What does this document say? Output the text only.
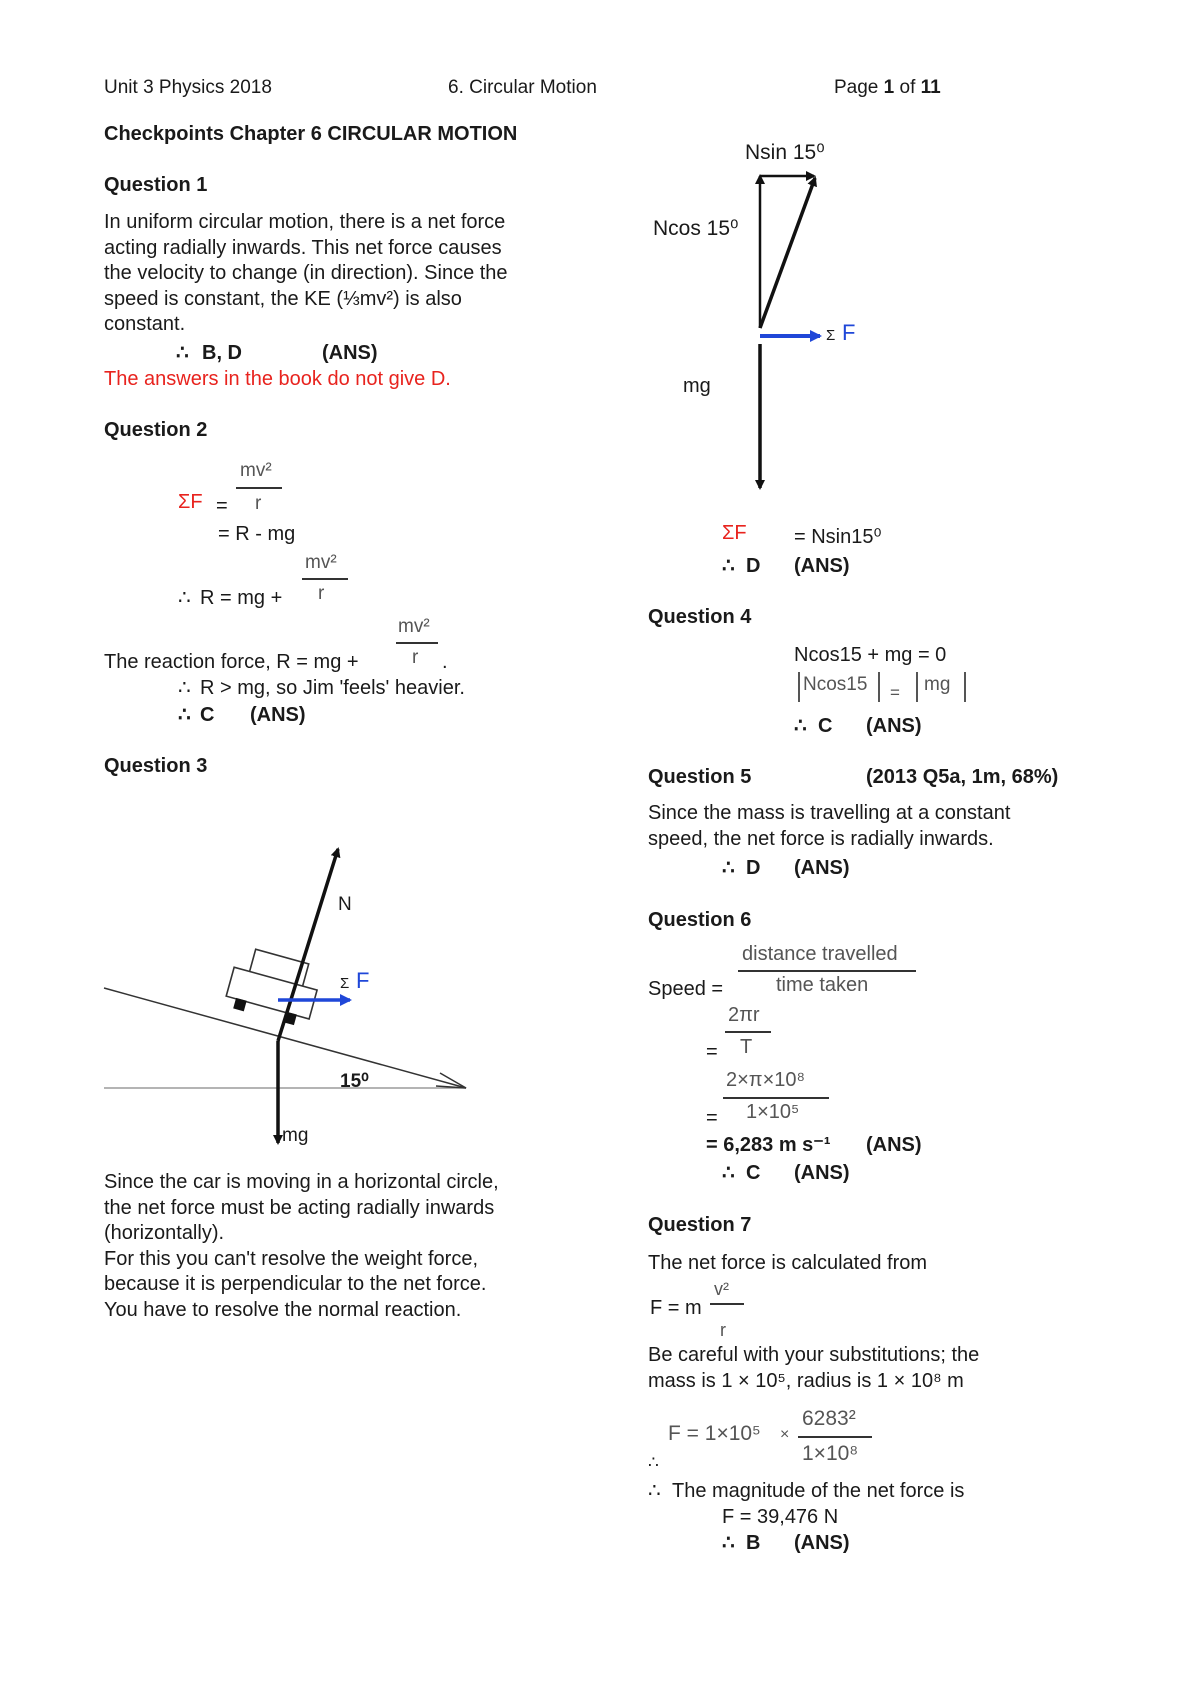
Unit 3 Physics 2018	6. Circular Motion	Page 1 of 11
Checkpoints Chapter 6 CIRCULAR MOTION
Question 1
In uniform circular motion, there is a net force
acting radially inwards. This net force causes
the velocity to change (in direction). Since the
speed is constant, the KE (⅓mv²) is also
constant.
∴ B, D	(ANS)
The answers in the book do not give D.
Question 2
mv²
r
ΣF =
= R - mg
mv²
r
∴ R = mg +
mv²
r
The reaction force, R = mg +	.
∴ R > mg, so Jim 'feels' heavier.
∴ C (ANS)
Question 3
N
Σ F
15⁰
mg
Since the car is moving in a horizontal circle,
the net force must be acting radially inwards
(horizontally).
For this you can't resolve the weight force,
because it is perpendicular to the net force.
You have to resolve the normal reaction.
Nsin 15⁰
Ncos 15⁰
Σ F
mg
ΣF = Nsin15⁰
∴ D (ANS)
Question 4
Ncos15 + mg = 0
Ncos15 = mg
∴ C (ANS)
Question 5	(2013 Q5a, 1m, 68%)
Since the mass is travelling at a constant
speed, the net force is radially inwards.
∴ D (ANS)
Question 6
distance travelled
time taken
Speed =
2πr
T
=
2×π×10⁸
1×10⁵
=
= 6,283 m s⁻¹ (ANS)
∴ C (ANS)
Question 7
The net force is calculated from
v²
r
F = m
Be careful with your substitutions; the
mass is 1 × 10⁵, radius is 1 × 10⁸ m
6283²
1×10⁸
F = 1×10⁵ ×
∴
∴ The magnitude of the net force is
F = 39,476 N
∴ B (ANS)
